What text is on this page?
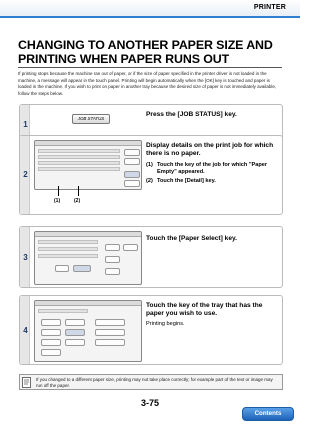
PRINTER
CHANGING TO ANOTHER PAPER SIZE AND PRINTING WHEN PAPER RUNS OUT
If printing stops because the machine ran out of paper, or if the size of paper specified in the printer driver is not loaded in the machine, a message will appear in the touch panel. Printing will begin automatically when the [OK] key is touched and paper is loaded in the machine. If you wish to print on paper in another tray because the desired size of paper is not immediately available, follow the steps below.
1
JOB STATUS
Press the [JOB STATUS] key.
2
(1)	(2)
Display details on the print job for which there is no paper.
(1) Touch the key of the job for which "Paper Empty" appeared.
(2) Touch the [Detail] key.
3
Touch the [Paper Select] key.
4
Touch the key of the tray that has the paper you wish to use.
Printing begins.
If you changed to a different paper size, printing may not take place correctly; for example part of the text or image may run off the paper.
3-75
Contents
